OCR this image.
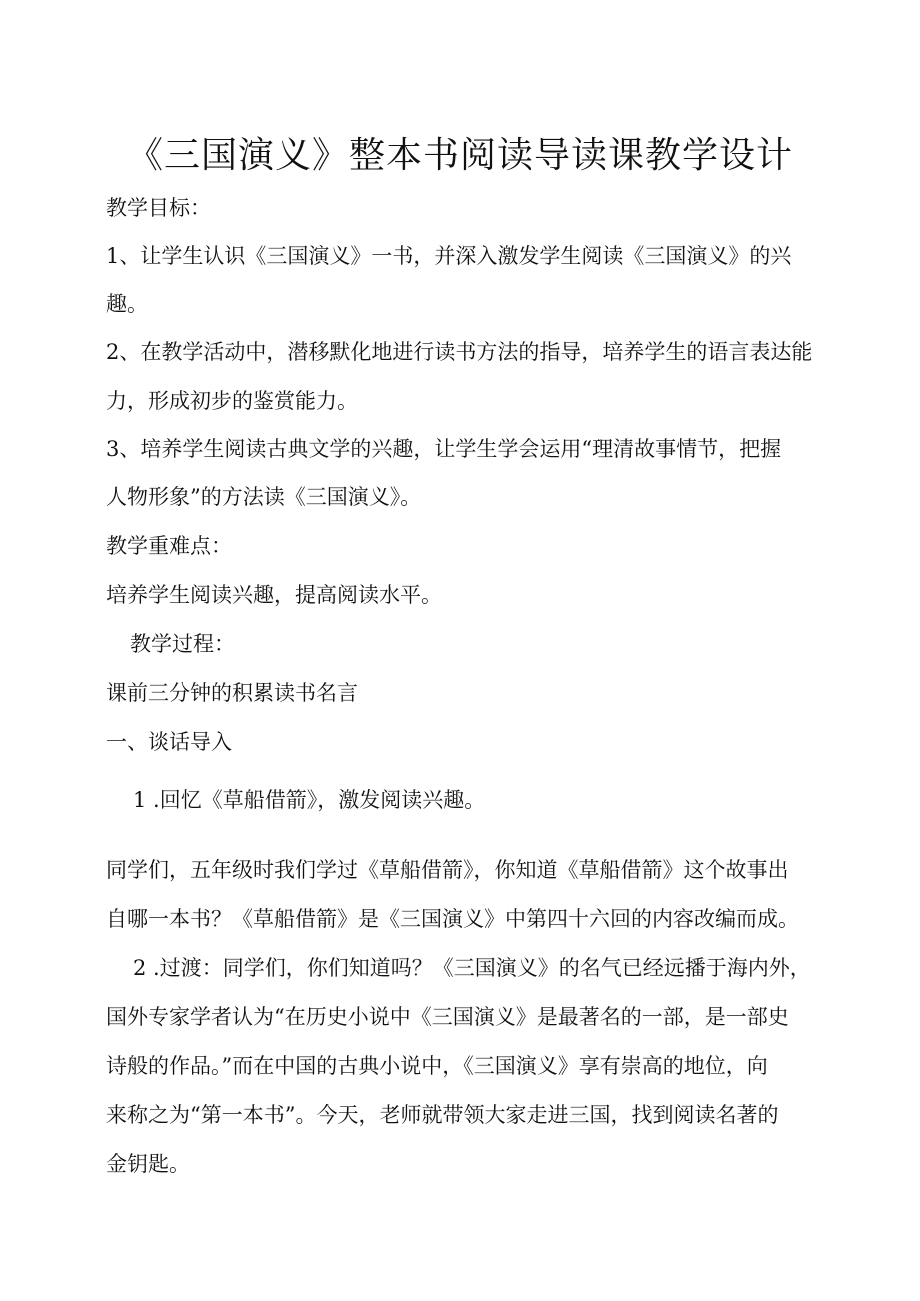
《三国演义》整本书阅读导读课教学设计

教学目标：

1、让学生认识《三国演义》一书，并深入激发学生阅读《三国演义》的兴

趣。

2、在教学活动中，潜移默化地进行读书方法的指导，培养学生的语言表达能

力，形成初步的鉴赏能力。

3、培养学生阅读古典文学的兴趣，让学生学会运用“理清故事情节，把握

人物形象”的方法读《三国演义》。

教学重难点：

培养学生阅读兴趣，提高阅读水平。

教学过程：

课前三分钟的积累读书名言

一、谈话导入

1 .回忆《草船借箭》，激发阅读兴趣。

同学们，五年级时我们学过《草船借箭》，你知道《草船借箭》这个故事出

自哪一本书？《草船借箭》是《三国演义》中第四十六回的内容改编而成。

2 .过渡：同学们，你们知道吗？《三国演义》的名气已经远播于海内外，

国外专家学者认为“在历史小说中《三国演义》是最著名的一部，是一部史

诗般的作品。”而在中国的古典小说中，《三国演义》享有崇高的地位，向

来称之为“第一本书”。今天，老师就带领大家走进三国，找到阅读名著的

金钥匙。
